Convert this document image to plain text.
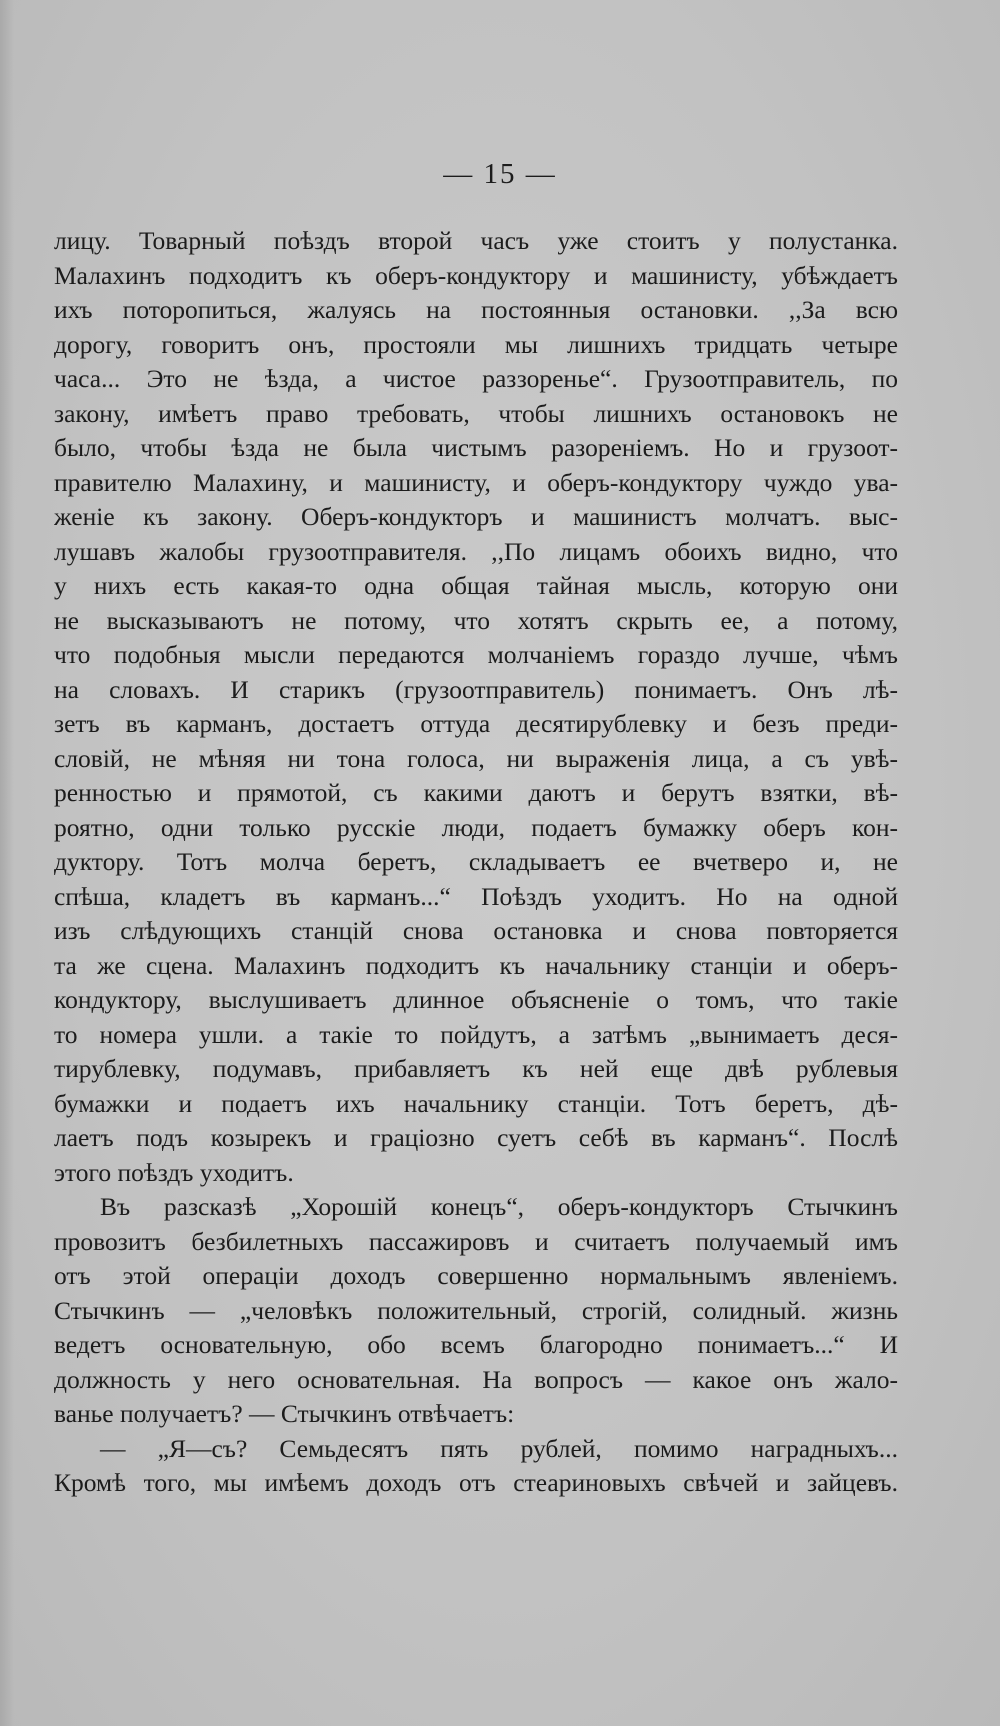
— 15 —
лицу. Товарный поѣздъ второй часъ уже стоитъ у полустанка.
Малахинъ подходитъ къ оберъ-кондуктору и машинисту, убѣждаетъ
ихъ поторопиться, жалуясь на постоянныя остановки. ,,За всю
дорогу, говоритъ онъ, простояли мы лишнихъ тридцать четыре
часа... Это не ѣзда, а чистое раззоренье“. Грузоотправитель, по
закону, имѣетъ право требовать, чтобы лишнихъ остановокъ не
было, чтобы ѣзда не была чистымъ разореніемъ. Но и грузоот-
правителю Малахину, и машинисту, и оберъ-кондуктору чуждо ува-
женіе къ закону. Оберъ-кондукторъ и машинистъ молчатъ. выс-
лушавъ жалобы грузоотправителя. ,,По лицамъ обоихъ видно, что
у нихъ есть какая-то одна общая тайная мысль, которую они
не высказываютъ не потому, что хотятъ скрыть ее, а потому,
что подобныя мысли передаются молчаніемъ гораздо лучше, чѣмъ
на словахъ. И старикъ (грузоотправитель) понимаетъ. Онъ лѣ-
зетъ въ карманъ, достаетъ оттуда десятирублевку и безъ преди-
словій, не мѣняя ни тона голоса, ни выраженія лица, а съ увѣ-
ренностью и прямотой, съ какими даютъ и берутъ взятки, вѣ-
роятно, одни только русскіе люди, подаетъ бумажку оберъ кон-
дуктору. Тотъ молча беретъ, складываетъ ее вчетверо и, не
спѣша, кладетъ въ карманъ...“ Поѣздъ уходитъ. Но на одной
изъ слѣдующихъ станцій снова остановка и снова повторяется
та же сцена. Малахинъ подходитъ къ начальнику станціи и оберъ-
кондуктору, выслушиваетъ длинное объясненіе о томъ, что такіе
то номера ушли. а такіе то пойдутъ, а затѣмъ „вынимаетъ деся-
тирублевку, подумавъ, прибавляетъ къ ней еще двѣ рублевыя
бумажки и подаетъ ихъ начальнику станціи. Тотъ беретъ, дѣ-
лаетъ подъ козырекъ и граціозно суетъ себѣ въ карманъ“. Послѣ
этого поѣздъ уходитъ.
Въ разсказѣ „Хорошій конецъ“, оберъ-кондукторъ Стычкинъ
провозитъ безбилетныхъ пассажировъ и считаетъ получаемый имъ
отъ этой операціи доходъ совершенно нормальнымъ явленіемъ.
Стычкинъ — „человѣкъ положительный, строгій, солидный. жизнь
ведетъ основательную, обо всемъ благородно понимаетъ...“ И
должность у него основательная. На вопросъ — какое онъ жало-
ванье получаетъ? — Стычкинъ отвѣчаетъ:
— „Я—съ? Семьдесятъ пять рублей, помимо наградныхъ...
Кромѣ того, мы имѣемъ доходъ отъ стеариновыхъ свѣчей и зайцевъ.
